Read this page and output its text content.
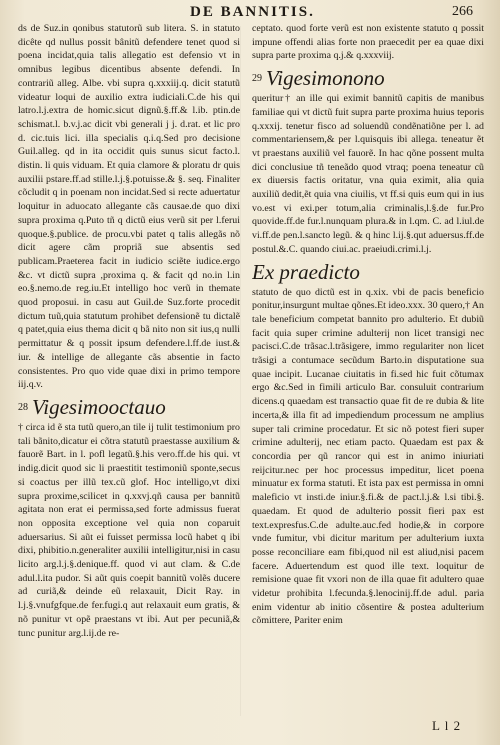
DE BANNITIS.	266

ds de Suz.in qonibus statutorũ sub litera. S. in statuto dicête qd nullus possit bânitũ defendere tenet quod si poena incidat,quia talis allegatio est defensio vt in omnibus legibus dicentibus absente defendi. In contrariũ alleg. Albe. vbi supra q.xxxiij.q. dicit statutũ videatur loqui de auxilio extra iudiciali.C.de his qui latro.l.j.extra de homic.sicut dignũ.§.ff.& l.ib. ptin.de schismat.l. b.v.j.ac dicit vbi generali j j. d.rat. et lic pro d. cic.tuis lici. illa specialis q.i.q.Sed pro decisione Guil.alleg. qd in ita occidit quis sunus sicut facto.l. distin. li quis viduam. Et quia clamore & ploratu dr quis auxilii pstare.ff.ad stille.l.j.§.potuisse.& §. seq. Finaliter cõcludit q in poenam non incidat.Sed si recte aduertatur loquitur in aduocato allegante cãs causae.de quo dixi supra proxima q.Puto tñ q dictũ eius verũ sit per l.ferui quoque.§.publice. de procu.vbi patet q talis allegãs nõ dicit agere cãm propriã sue absentis sed publicam.Praeterea facit in iudicio sciẽte iudice.ergo &c. vt dictũ supra ,proxima q. & facit qd no.in l.in eo.§.nemo.de reg.iu.Et intelligo hoc verũ in themate quod proposui. in casu aut Guil.de Suz.forte procedit dictum tuũ,quia statutum prohibet defensionẽ tu dictalẽ q patet,quia eius thema dicit q bã nito non sit ius,q nulli permittatur & q possit ipsum defendere.l.ff.de iust.& iur. & intellige de allegante cãs absentie in facto consistentes. Pro quo vide quae dixi in primo tempore iij.q.v.

$^{28}$ Vigesimooctauo

† circa id ẽ sta tutũ quero,an tile ij tulit testimonium pro tali bãnito,dicatur ei cõtra statutũ praestasse auxilium & fauorẽ Bart. in l. pofl legatũ.§.his vero.ff.de his qui. vt indig.dicit quod sic li praestitit testimoniũ sponte,secus si coactus per illũ tex.cũ glof. Hoc intelligo,vt dixi supra proxime,scilicet in q.xxvj.qñ causa per bannitũ agitata non erat ei permissa,sed forte admissus fuerat non opposita exceptione vel quia non coparuit aduersarius. Si aũt ei fuisset permissa locũ habet q ibi dixi, phibitio.n.generaliter auxilii intelligitur,nisi in casu licito arg.l.j.§.denique.ff. quod vi aut clam. & C.de adul.l.ita pudor. Si aũt quis coepit bannitũ volẽs ducere ad curiã,& deinde eũ relaxauit, Dicit Ray. in l.j.§.vnufgfque.de fer.fugi.q aut relaxauit eum gratis, & nõ punitur vt opẽ praestans vt ibi. Aut per pecuniã,& tunc punitur arg.l.ij.de re-

ceptato. quod forte verũ est non existente statuto q possit impune offendi alias forte non praecedit per ea quae dixi supra parte proxima q.j.& q.xxxviij.

$^{29}$ Vigesimonono

queritur† an ille qui eximit bannitũ capitis de manibus familiae qui vt dictũ fuit supra parte proxima huius teporis q.xxxij. tenetur fisco ad soluendũ condẽnatiõne per l. ad commentariensem,& per l.quisquis ibi allega. teneatur ẽt vt praestans auxiliũ vel fauorẽ. In hac qõne possent multa dici conclusiue tñ teneãdo quod vtraq; poena teneatur cũ ex diuersis factis oritatur, vna quia eximit, alia quia auxiliũ dedit,ẽt quia vna ciuilis, vt ff.si quis eum qui in ius vo.est vi exi.per totum,alia criminalis,l.§.de fur.Pro quovide.ff.de fur.l.nunquam plura.& in l.qm. C. ad l.iul.de vi.ff.de pen.l.sancto legũ. & q hinc l.ij.§.qut aduersus.ff.de postul.&.C. quando ciui.ac. praeiudi.crimi.l.j.

Ex praedicto

statuto de quo dictũ est in q.xix. vbi de pacis beneficio ponitur,insurgunt multae qõnes.Et ideo.xxx. 30 quero,† An tale beneficium competat bannito pro adulterio. Et dubiũ facit quia super crimine adulterij non licet transigi nec pacisci.C.de trãsac.l.trãsigere, immo regulariter non licet trãsigi a contumace secũdum Barto.in disputatione sua quae incipit. Lucanae ciuitatis in fi.sed hic fuit cõtumax ergo &c.Sed in fimili articulo Bar. consuluit contrarium dicens.q quaedam est transactio quae fit de re dubia & lite incerta,& illa fit ad impediendum processum ne amplius super tali crimine procedatur. Et sic nõ potest fieri super crimine adulterij, nec etiam pacto. Quaedam est pax & concordia per qũ rancor qui est in animo iniuriati reijcitur.nec per hoc processus impeditur, licet poena minuatur ex forma statuti. Et ista pax est permissa in omni maleficio vt insti.de iniur.§.fi.& de pact.l.j.& l.si tibi.§. quaedam. Et quod de adulterio possit fieri pax est text.expresfus.C.de adulte.auc.fed hodie,& in corpore vnde fumitur, vbi dicitur maritum per adulterium iuxta posse reconciliare eam fibi,quod nil est aliud,nisi pacem facere. Aduertendum est quod ille text. loquitur de remisione quae fit vxori non de illa quae fit adultero quae videtur prohibita l.fecunda.§.lenocinij.ff.de adul. paria enim videntur ab initio cõsentire & postea adulterium cõmittere, Pariter enim

L l 2
